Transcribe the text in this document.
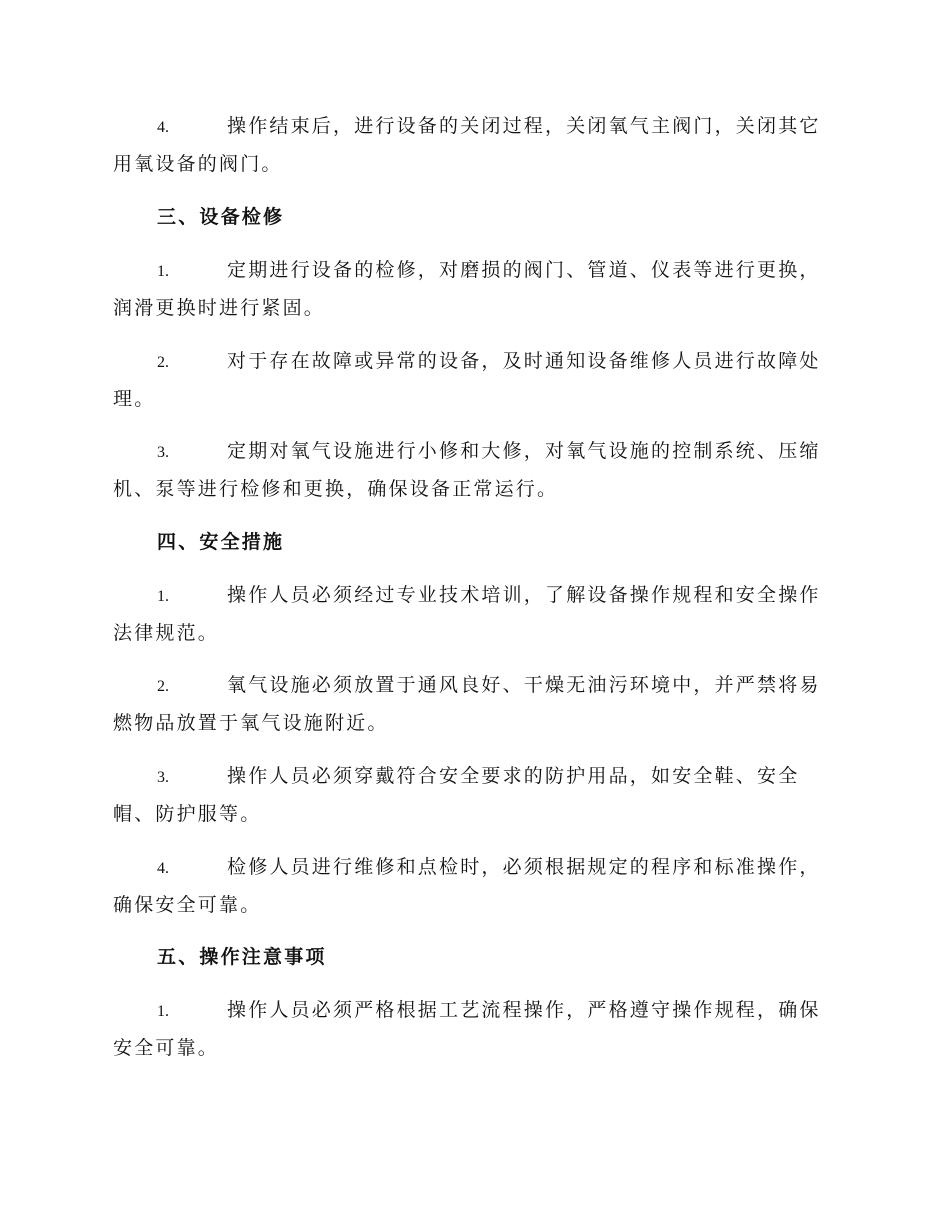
4.	操作结束后，进行设备的关闭过程，关闭氧气主阀门，关闭其它
用氧设备的阀门。
三、设备检修
1.	定期进行设备的检修，对磨损的阀门、管道、仪表等进行更换，
润滑更换时进行紧固。
2.	对于存在故障或异常的设备，及时通知设备维修人员进行故障处
理。
3.	定期对氧气设施进行小修和大修，对氧气设施的控制系统、压缩
机、泵等进行检修和更换，确保设备正常运行。
四、安全措施
1.	操作人员必须经过专业技术培训，了解设备操作规程和安全操作
法律规范。
2.	氧气设施必须放置于通风良好、干燥无油污环境中，并严禁将易
燃物品放置于氧气设施附近。
3.	操作人员必须穿戴符合安全要求的防护用品，如安全鞋、安全
帽、防护服等。
4.	检修人员进行维修和点检时，必须根据规定的程序和标准操作，
确保安全可靠。
五、操作注意事项
1.	操作人员必须严格根据工艺流程操作，严格遵守操作规程，确保
安全可靠。
